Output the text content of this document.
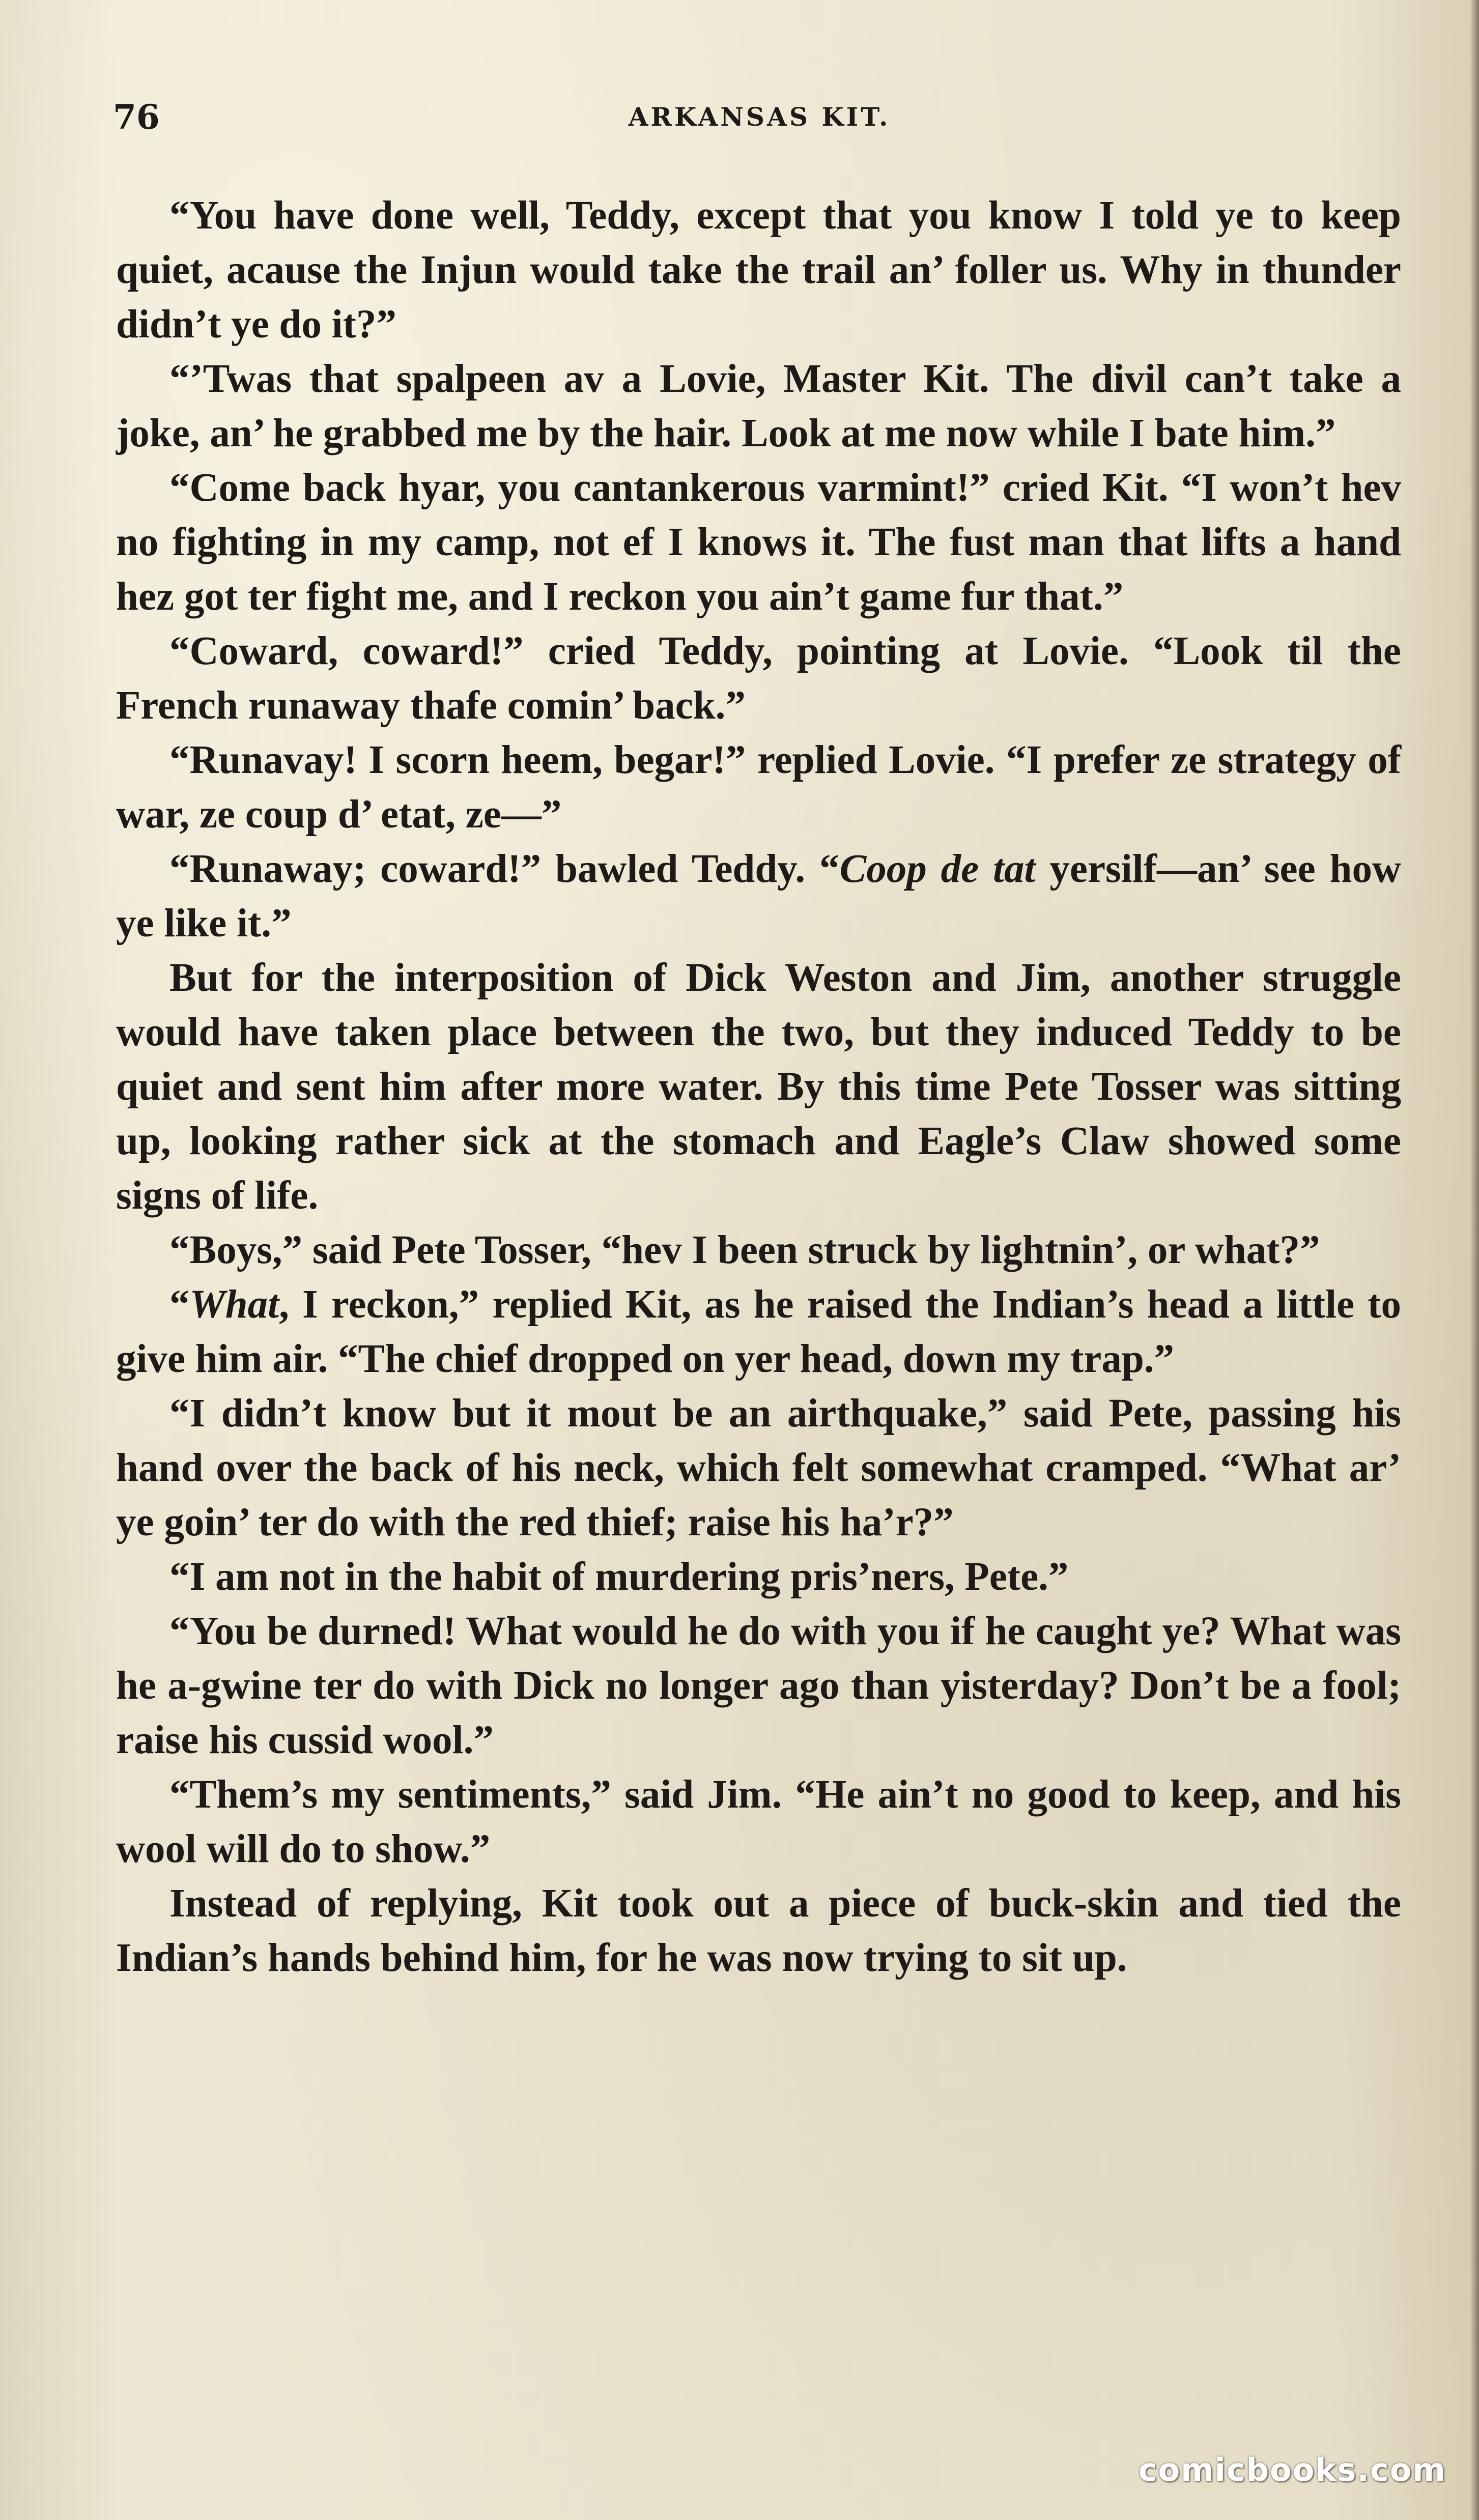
76	ARKANSAS KIT.

“You have done well, Teddy, except that you know I told ye to keep quiet, acause the Injun would take the trail an’ foller us. Why in thunder didn’t ye do it?”

“’Twas that spalpeen av a Lovie, Master Kit. The divil can’t take a joke, an’ he grabbed me by the hair. Look at me now while I bate him.”

“Come back hyar, you cantankerous varmint!” cried Kit. “I won’t hev no fighting in my camp, not ef I knows it. The fust man that lifts a hand hez got ter fight me, and I reckon you ain’t game fur that.”

“Coward, coward!” cried Teddy, pointing at Lovie. “Look til the French runaway thafe comin’ back.”

“Runavay! I scorn heem, begar!” replied Lovie. “I prefer ze strategy of war, ze coup d’ etat, ze—”

“Runaway; coward!” bawled Teddy. “Coop de tat yersilf—an’ see how ye like it.”

But for the interposition of Dick Weston and Jim, another struggle would have taken place between the two, but they induced Teddy to be quiet and sent him after more water. By this time Pete Tosser was sitting up, looking rather sick at the stomach and Eagle’s Claw showed some signs of life.

“Boys,” said Pete Tosser, “hev I been struck by lightnin’, or what?”

“What, I reckon,” replied Kit, as he raised the Indian’s head a little to give him air. “The chief dropped on yer head, down my trap.”

“I didn’t know but it mout be an airthquake,” said Pete, passing his hand over the back of his neck, which felt somewhat cramped. “What ar’ ye goin’ ter do with the red thief; raise his ha’r?”

“I am not in the habit of murdering pris’ners, Pete.”

“You be durned! What would he do with you if he caught ye? What was he a-gwine ter do with Dick no longer ago than yisterday? Don’t be a fool; raise his cussid wool.”

“Them’s my sentiments,” said Jim. “He ain’t no good to keep, and his wool will do to show.”

Instead of replying, Kit took out a piece of buck-skin and tied the Indian’s hands behind him, for he was now trying to sit up.

comicbooks.com
